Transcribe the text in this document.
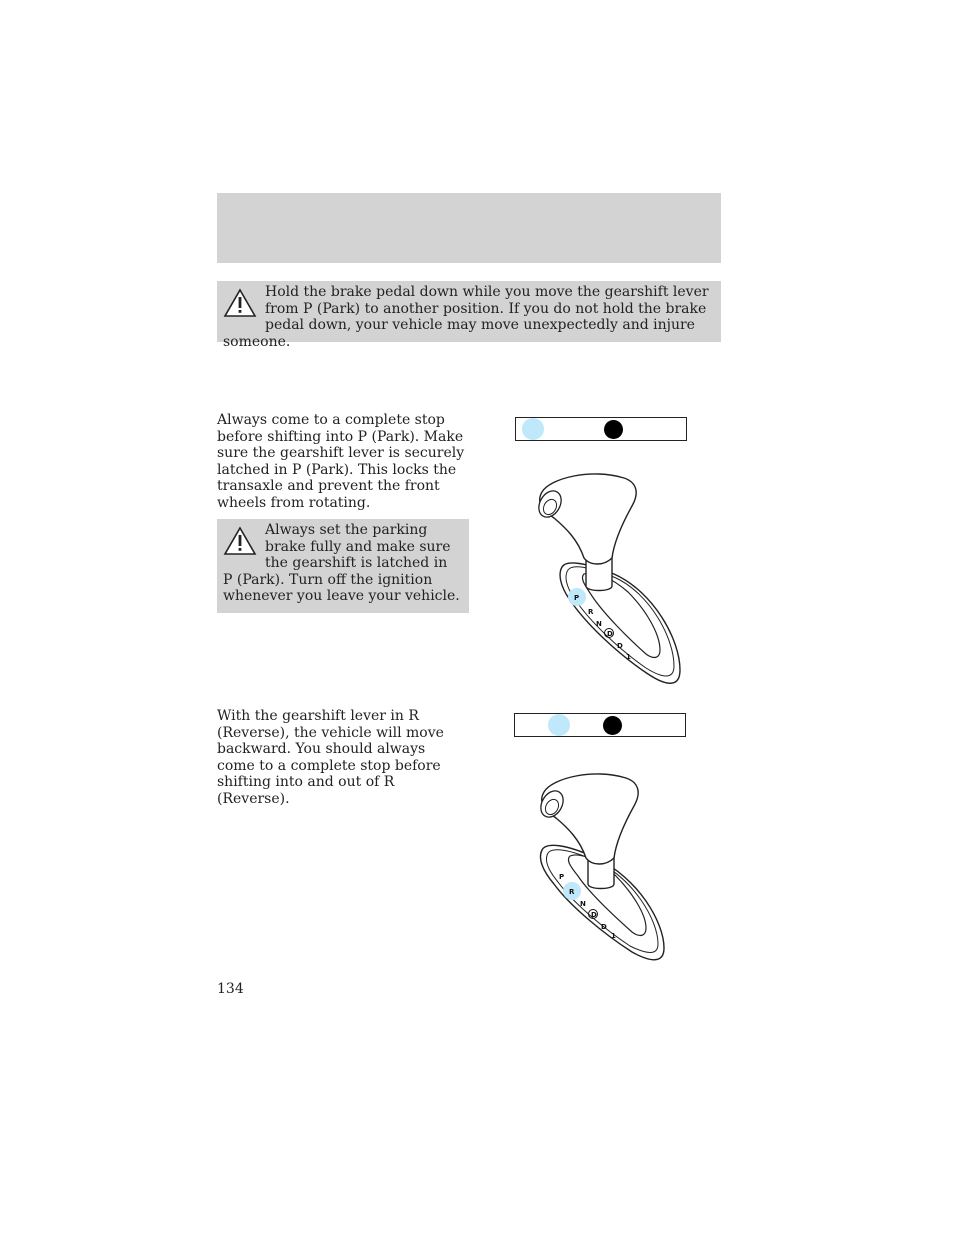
Hold the brake pedal down while you move the gearshift lever from P (Park) to another position. If you do not hold the brake pedal down, your vehicle may move unexpectedly and injure someone.
Always come to a complete stop before shifting into P (Park). Make sure the gearshift lever is securely latched in P (Park). This locks the transaxle and prevent the front wheels from rotating.
Always set the parking brake fully and make sure the gearshift is latched in P (Park). Turn off the ignition whenever you leave your vehicle.	P
R
N
D
D
1
With the gearshift lever in R (Reverse), the vehicle will move backward. You should always come to a complete stop before shifting into and out of R (Reverse).
P
R
N
D
D
1
134
